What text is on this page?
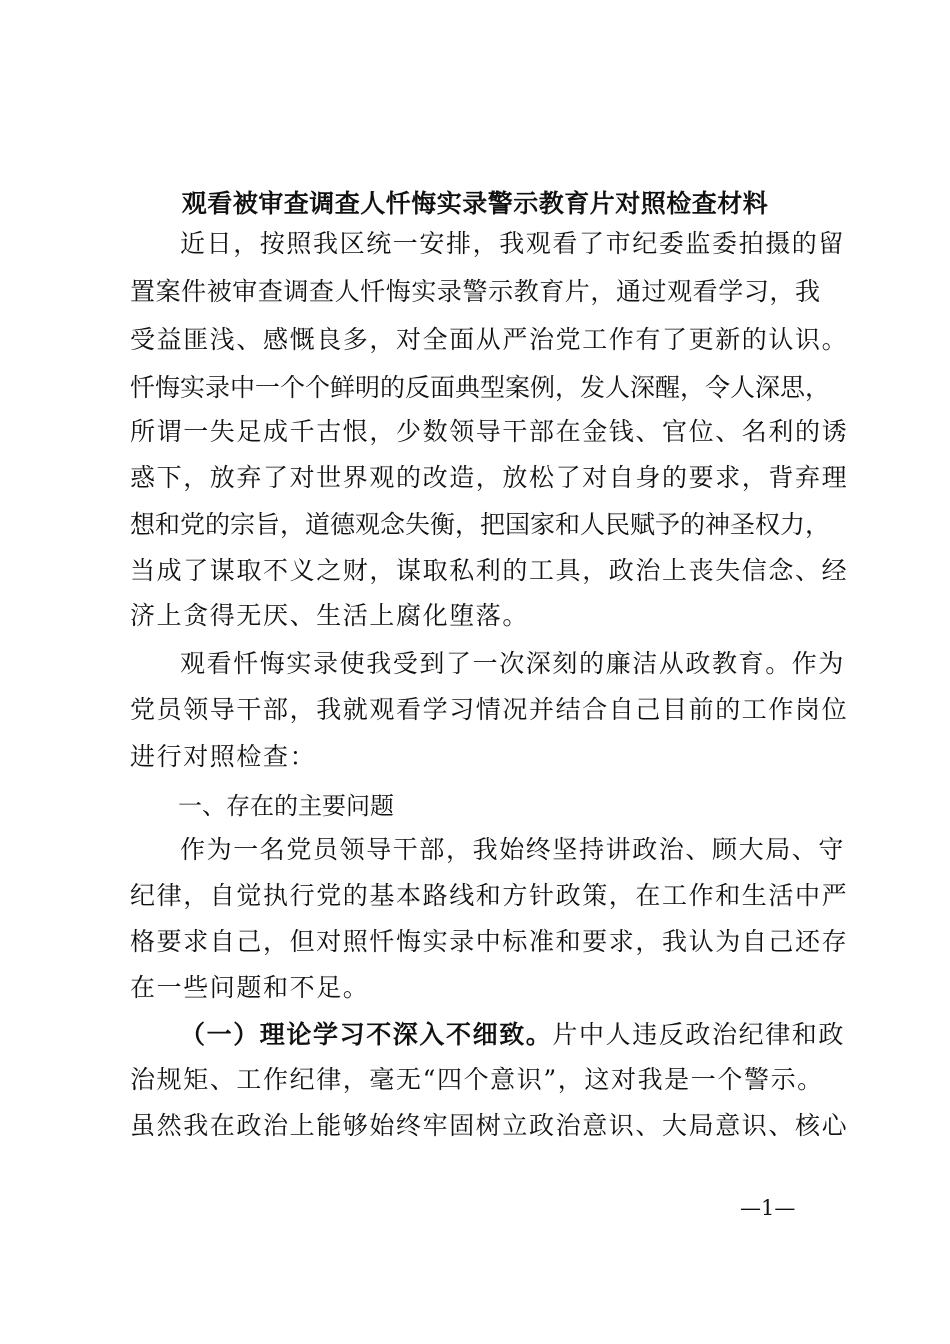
观看被审查调查人忏悔实录警示教育片对照检查材料
近日，按照我区统一安排，我观看了市纪委监委拍摄的留
置案件被审查调查人忏悔实录警示教育片，通过观看学习，我
受益匪浅、感慨良多，对全面从严治党工作有了更新的认识。
忏悔实录中一个个鲜明的反面典型案例，发人深醒，令人深思，
所谓一失足成千古恨，少数领导干部在金钱、官位、名利的诱
惑下，放弃了对世界观的改造，放松了对自身的要求，背弃理
想和党的宗旨，道德观念失衡，把国家和人民赋予的神圣权力，
当成了谋取不义之财，谋取私利的工具，政治上丧失信念、经
济上贪得无厌、生活上腐化堕落。
观看忏悔实录使我受到了一次深刻的廉洁从政教育。作为
党员领导干部，我就观看学习情况并结合自己目前的工作岗位
进行对照检查：
一、存在的主要问题
作为一名党员领导干部，我始终坚持讲政治、顾大局、守
纪律，自觉执行党的基本路线和方针政策，在工作和生活中严
格要求自己，但对照忏悔实录中标准和要求，我认为自己还存
在一些问题和不足。
（一）理论学习不深入不细致。片中人违反政治纪律和政
治规矩、工作纪律，毫无“四个意识”，这对我是一个警示。
虽然我在政治上能够始终牢固树立政治意识、大局意识、核心
—1—
